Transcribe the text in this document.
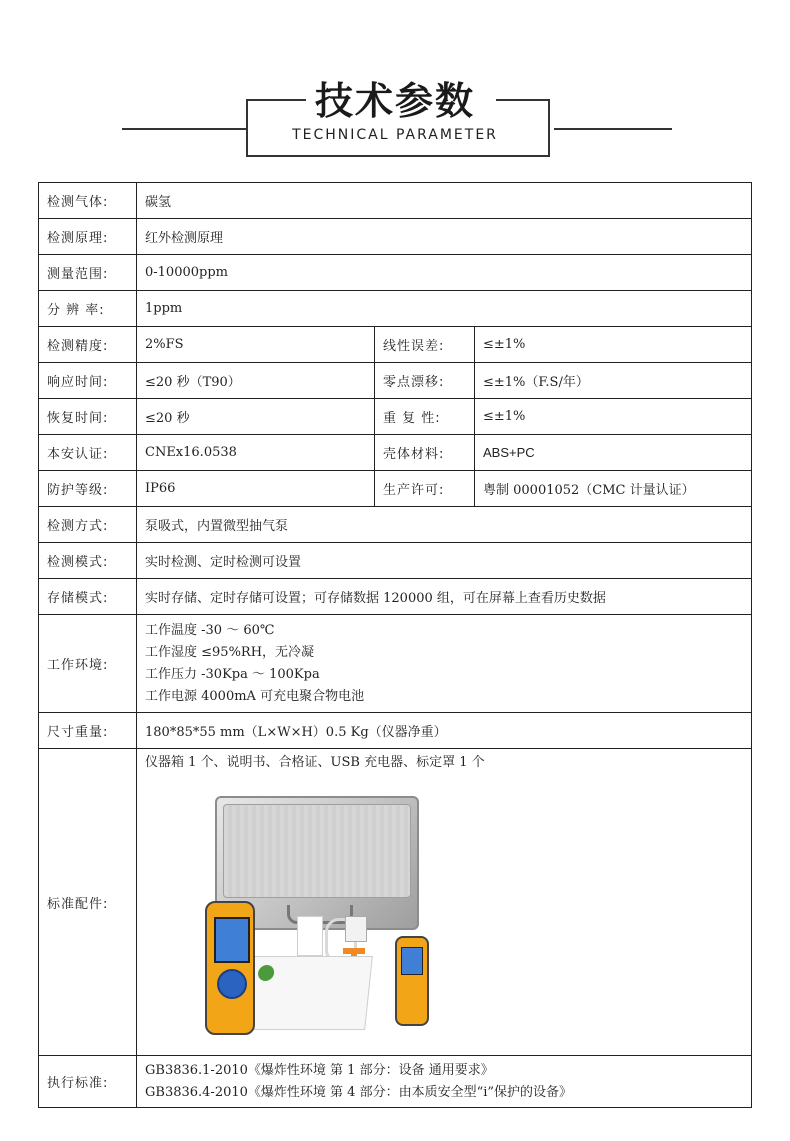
技术参数
TECHNICAL PARAMETER
检测气体:	碳氢		
检测原理:	红外检测原理		
测量范围:	0-10000ppm		
分 辨 率:	1ppm		
检测精度:	2%FS	线性误差:	≤±1%
响应时间:	≤20 秒（T90）	零点漂移:	≤±1%（F.S/年）
恢复时间:	≤20 秒	重 复 性:	≤±1%
本安认证:	CNEx16.0538	壳体材料:	ABS+PC
防护等级:	IP66	生产许可:	粤制 00001052（CMC 计量认证）
检测方式:	泵吸式，内置微型抽气泵		
检测模式:	实时检测、定时检测可设置		
存储模式:	实时存储、定时存储可设置；可存储数据 120000 组，可在屏幕上查看历史数据		
工作环境:	工作温度 -30 ～ 60℃
工作湿度 ≤95%RH，无冷凝
工作压力 -30Kpa ～ 100Kpa
工作电源 4000mA 可充电聚合物电池		

尺寸重量:	180*85*55 mm（L×W×H）0.5 Kg（仪器净重）		
标准配件:	仪器箱 1 个、说明书、合格证、USB 充电器、标定罩 1 个		

执行标准:	GB3836.1-2010《爆炸性环境 第 1 部分：设备 通用要求》
GB3836.4-2010《爆炸性环境 第 4 部分：由本质安全型“i”保护的设备》		
